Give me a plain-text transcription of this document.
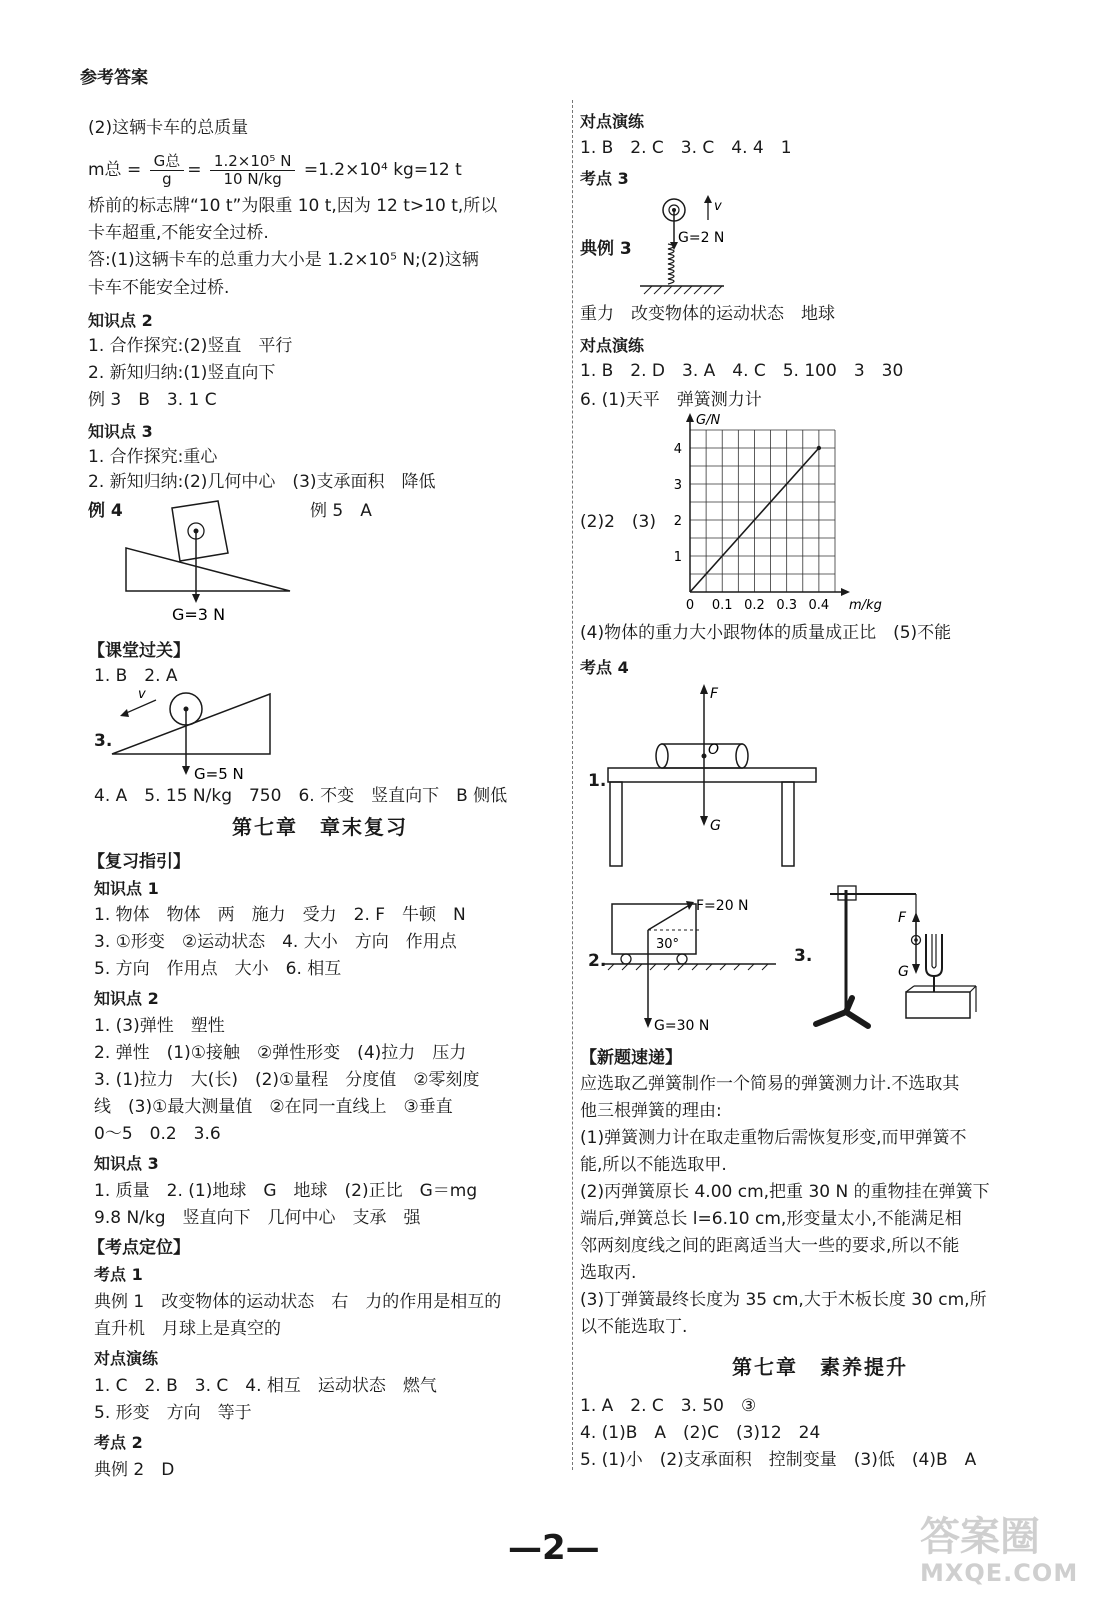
参考答案
(2)这辆卡车的总质量
m总 = $\frac{\text{G总}}{g} = \frac{\text{1.2×10⁵ N}}{10 N/kg} =1.2\times 10^4$ kg=12 t
桥前的标志牌“10 t”为限重 10 t,因为 12 t>10 t,所以
卡车超重,不能安全过桥.
答:(1)这辆卡车的总重力大小是 1.2×10⁵ N;(2)这辆
卡车不能安全过桥.
知识点 2
1. 合作探究:(2)竖直　平行
2. 新知归纳:(1)竖直向下
例 3　B　3. 1 C
知识点 3
1. 合作探究:重心
2. 新知归纳:(2)几何中心　(3)支承面积　降低
例 4	例 5　A
G=3 N
【课堂过关】
1. B　2. A
3.
v
G=5 N
4. A　5. 15 N/kg　750　6. 不变　竖直向下　B 侧低
第七章　章末复习
【复习指引】
知识点 1
1. 物体　物体　两　施力　受力　2. F　牛顿　N
3. ①形变　②运动状态　4. 大小　方向　作用点
5. 方向　作用点　大小　6. 相互
知识点 2
1. (3)弹性　塑性
2. 弹性　(1)①接触　②弹性形变　(4)拉力　压力
3. (1)拉力　大(长)　(2)①量程　分度值　②零刻度
线　(3)①最大测量值　②在同一直线上　③垂直
0～5　0.2　3.6
知识点 3
1. 质量　2. (1)地球　G　地球　(2)正比　G＝mg
9.8 N/kg　竖直向下　几何中心　支承　强
【考点定位】
考点 1
典例 1　改变物体的运动状态　右　力的作用是相互的
直升机　月球上是真空的
对点演练
1. C　2. B　3. C　4. 相互　运动状态　燃气
5. 形变　方向　等于
考点 2
典例 2　D
对点演练
1. B　2. C　3. C　4. 4　1
考点 3
典例 3
v
G=2 N
重力　改变物体的运动状态　地球
对点演练
1. B　2. D　3. A　4. C　5. 100　3　30
6. (1)天平　弹簧测力计
(2)2　(3)
0 0.1 0.2 0.3 0.4
1
2
3
4
m/kg
G/N
(4)物体的重力大小跟物体的质量成正比　(5)不能
考点 4
1.
F
O
G
2.
F=20 N
30°
G=30 N
3.
F
G
【新题速递】
应选取乙弹簧制作一个简易的弹簧测力计.不选取其
他三根弹簧的理由:
(1)弹簧测力计在取走重物后需恢复形变,而甲弹簧不
能,所以不能选取甲.
(2)丙弹簧原长 4.00 cm,把重 30 N 的重物挂在弹簧下
端后,弹簧总长 l=6.10 cm,形变量太小,不能满足相
邻两刻度线之间的距离适当大一些的要求,所以不能
选取丙.
(3)丁弹簧最终长度为 35 cm,大于木板长度 30 cm,所
以不能选取丁.
第七章　素养提升
1. A　2. C　3. 50　③
4. (1)B　A　(2)C　(3)12　24
5. (1)小　(2)支承面积　控制变量　(3)低　(4)B　A
—2—	答案圈
MXQE.COM
